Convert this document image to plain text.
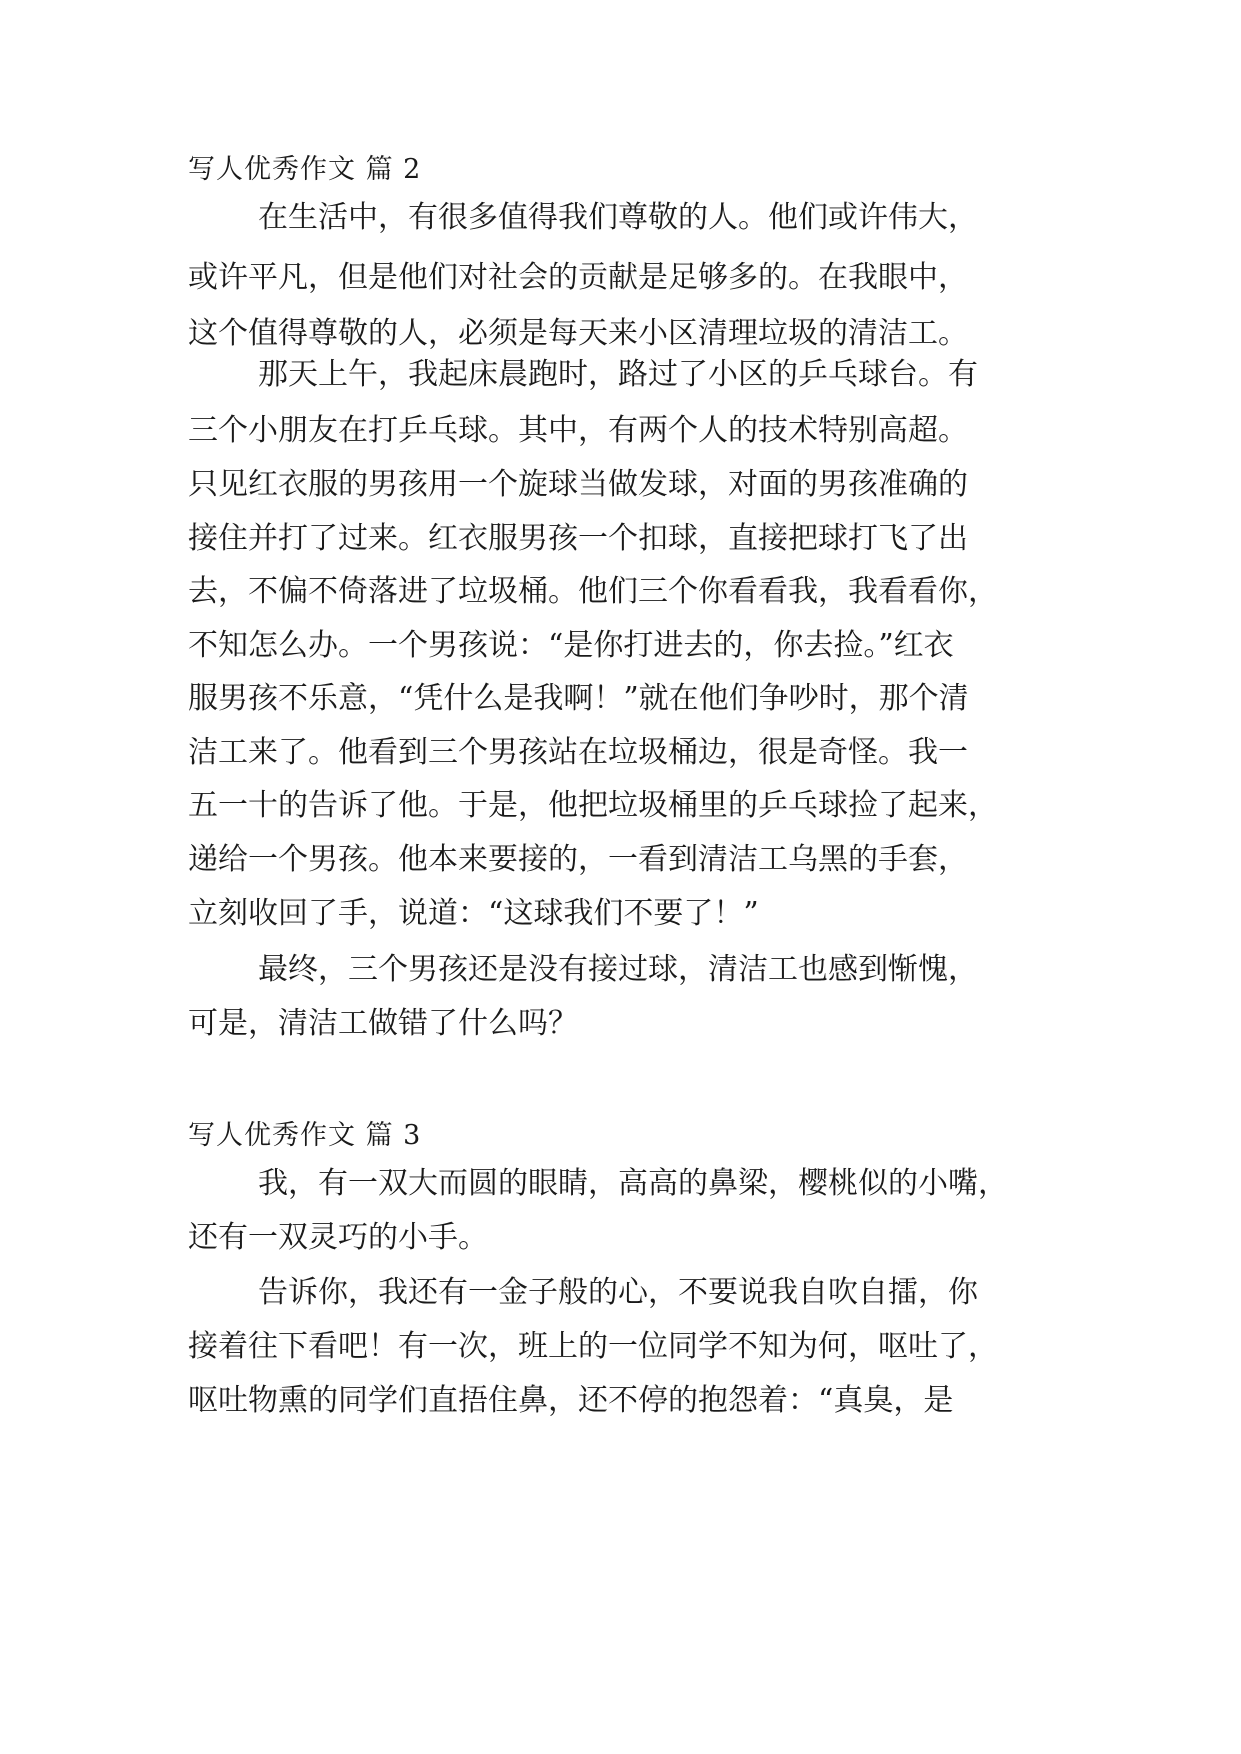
写人优秀作文 篇 2
在生活中，有很多值得我们尊敬的人。他们或许伟大，
或许平凡，但是他们对社会的贡献是足够多的。在我眼中，
这个值得尊敬的人，必须是每天来小区清理垃圾的清洁工。
那天上午，我起床晨跑时，路过了小区的乒乓球台。有
三个小朋友在打乒乓球。其中，有两个人的技术特别高超。
只见红衣服的男孩用一个旋球当做发球，对面的男孩准确的
接住并打了过来。红衣服男孩一个扣球，直接把球打飞了出
去，不偏不倚落进了垃圾桶。他们三个你看看我，我看看你，
不知怎么办。一个男孩说：“是你打进去的，你去捡。”红衣
服男孩不乐意，“凭什么是我啊！”就在他们争吵时，那个清
洁工来了。他看到三个男孩站在垃圾桶边，很是奇怪。我一
五一十的告诉了他。于是，他把垃圾桶里的乒乓球捡了起来，
递给一个男孩。他本来要接的，一看到清洁工乌黑的手套，
立刻收回了手，说道：“这球我们不要了！”
最终，三个男孩还是没有接过球，清洁工也感到惭愧，
可是，清洁工做错了什么吗？
写人优秀作文 篇 3
我，有一双大而圆的眼睛，高高的鼻梁，樱桃似的小嘴，
还有一双灵巧的小手。
告诉你，我还有一金子般的心，不要说我自吹自擂，你
接着往下看吧！有一次，班上的一位同学不知为何，呕吐了，
呕吐物熏的同学们直捂住鼻，还不停的抱怨着：“真臭，是
